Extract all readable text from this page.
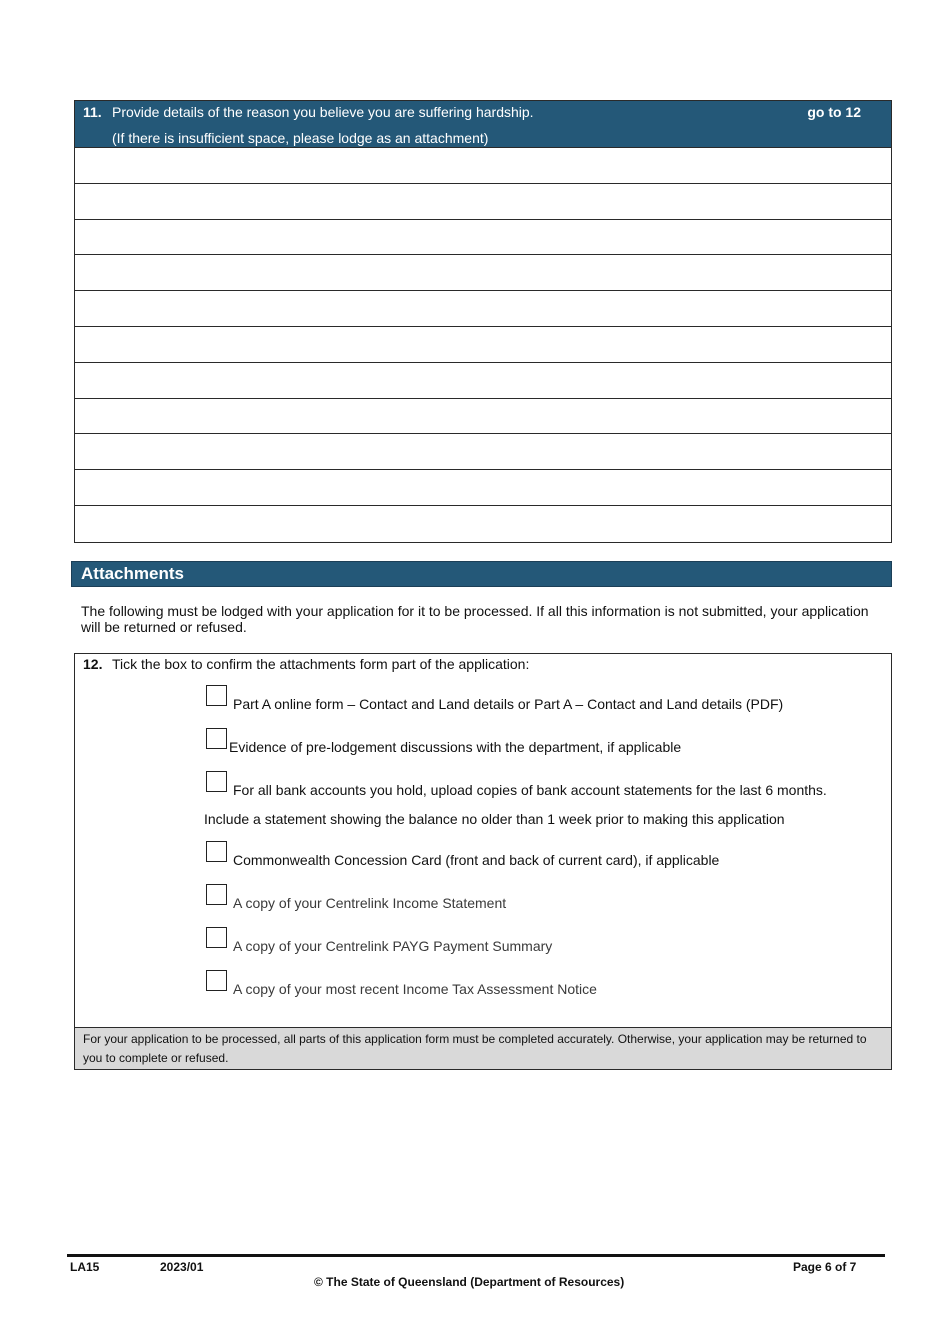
11. Provide details of the reason you believe you are suffering hardship.
(If there is insufficient space, please lodge as an attachment)
go to 12
Attachments
The following must be lodged with your application for it to be processed. If all this information is not submitted, your application will be returned or refused.
12. Tick the box to confirm the attachments form part of the application:
Part A online form – Contact and Land details or Part A – Contact and Land details (PDF)
Evidence of pre-lodgement discussions with the department, if applicable
For all bank accounts you hold, upload copies of bank account statements for the last 6 months.
Include a statement showing the balance no older than 1 week prior to making this application
Commonwealth Concession Card (front and back of current card), if applicable
A copy of your Centrelink Income Statement
A copy of your Centrelink PAYG Payment Summary
A copy of your most recent Income Tax Assessment Notice
For your application to be processed, all parts of this application form must be completed accurately. Otherwise, your application may be returned to you to complete or refused.
LA15	2023/01
© The State of Queensland (Department of Resources)
Page 6 of 7
